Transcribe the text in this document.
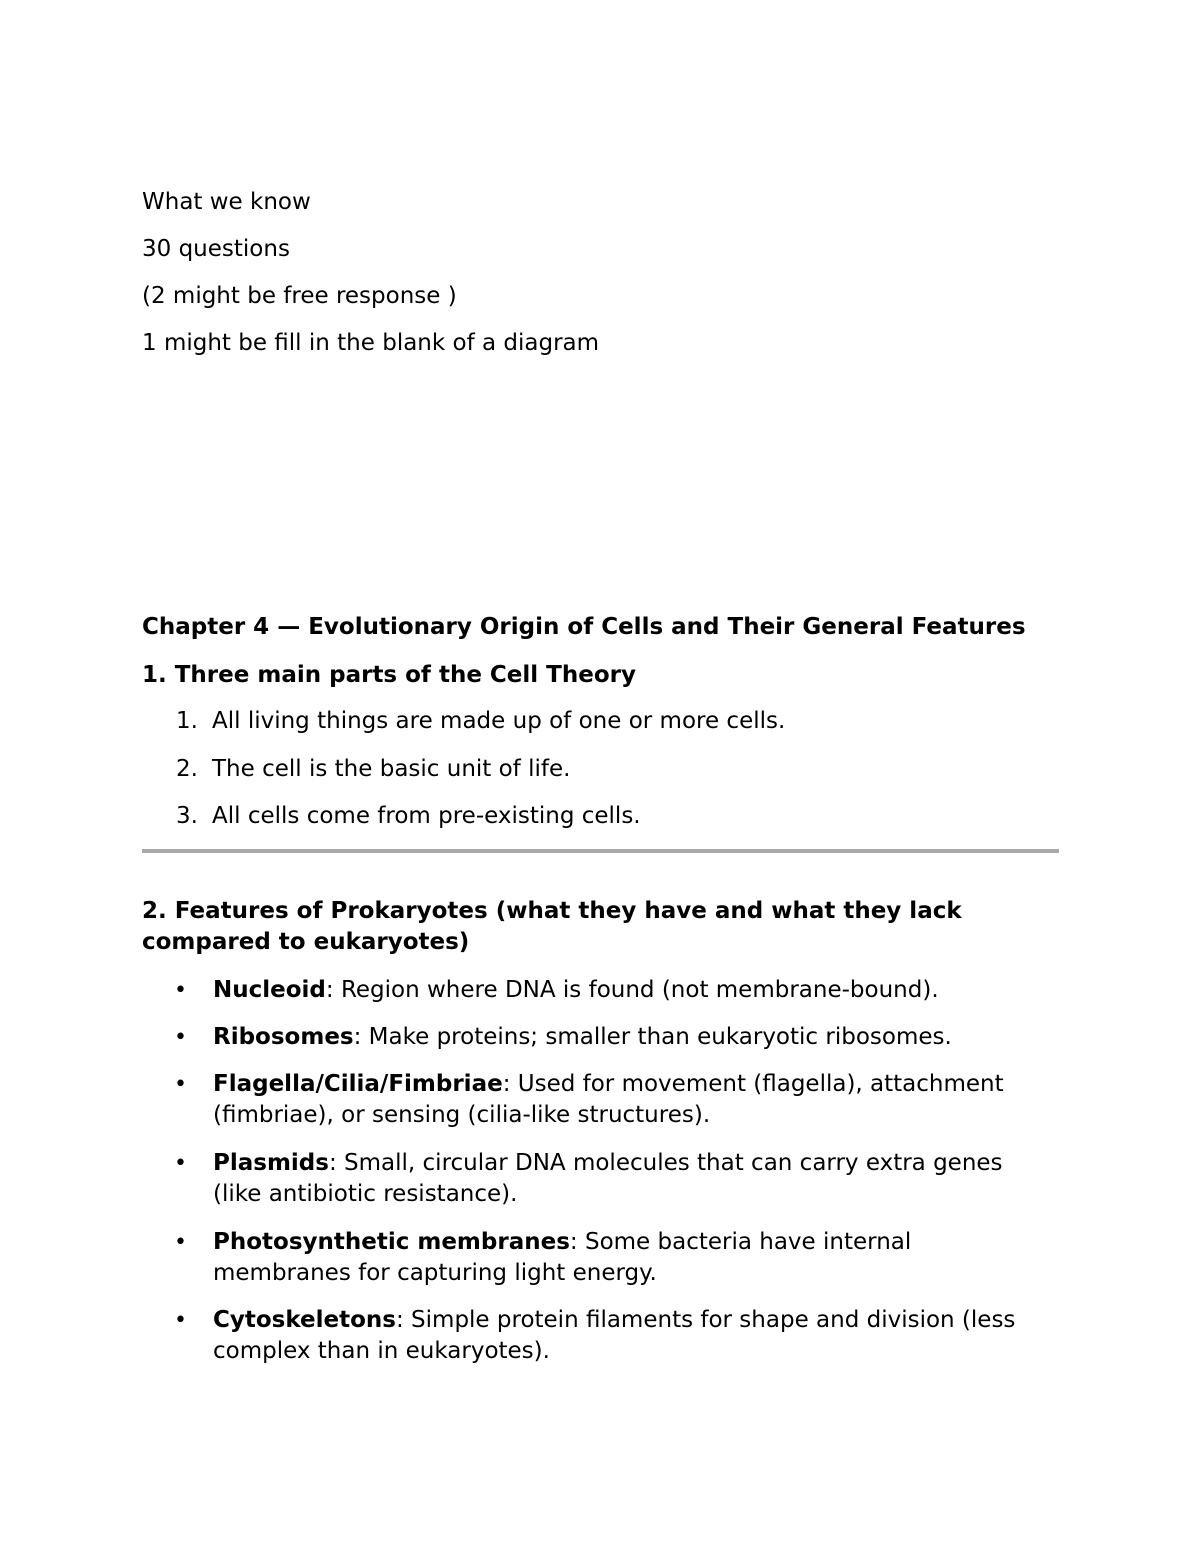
What we know
30 questions
(2 might be free response )
1 might be fill in the blank of a diagram
Chapter 4 — Evolutionary Origin of Cells and Their General Features
1. Three main parts of the Cell Theory
1. All living things are made up of one or more cells.
2. The cell is the basic unit of life.
3. All cells come from pre-existing cells.
2. Features of Prokaryotes (what they have and what they lack compared to eukaryotes)
• Nucleoid: Region where DNA is found (not membrane-bound).
• Ribosomes: Make proteins; smaller than eukaryotic ribosomes.
• Flagella/Cilia/Fimbriae: Used for movement (flagella), attachment (fimbriae), or sensing (cilia-like structures).
• Plasmids: Small, circular DNA molecules that can carry extra genes (like antibiotic resistance).
• Photosynthetic membranes: Some bacteria have internal membranes for capturing light energy.
• Cytoskeletons: Simple protein filaments for shape and division (less complex than in eukaryotes).
